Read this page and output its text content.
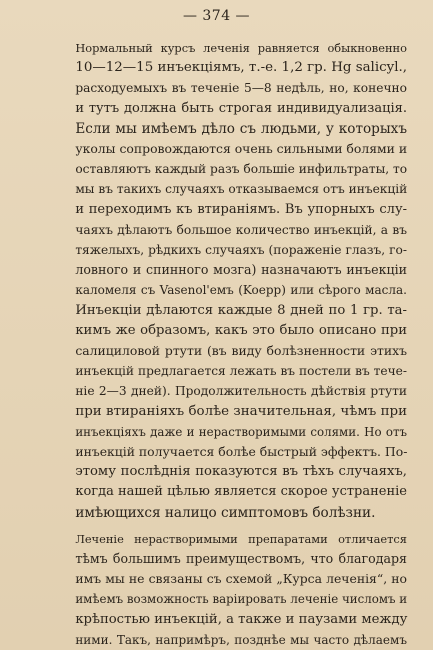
— 374 —

Нормальный курсъ леченія равняется обыкновенно
10—12—15 инъекціямъ, т.-е. 1,2 гр. Hg salicyl.,
расходуемыхъ въ теченіе 5—8 недѣль, но, конечно
и тутъ должна быть строгая индивидуализація.
Если мы имѣемъ дѣло съ людьми, у которыхъ
уколы сопровождаются очень сильными болями и
оставляютъ каждый разъ большіе инфильтраты, то
мы въ такихъ случаяхъ отказываемся отъ инъекцій
и переходимъ къ втираніямъ. Въ упорныхъ слу-
чаяхъ дѣлаютъ большое количество инъекцій, а въ
тяжелыхъ, рѣдкихъ случаяхъ (пораженіе глазъ, го-
ловного и спинного мозга) назначаютъ инъекціи
каломеля съ Vasenol'емъ (Koepp) или сѣрого масла.
Инъекціи дѣлаются каждые 8 дней по 1 гр. та-
кимъ же образомъ, какъ это было описано при
салициловой ртути (въ виду болѣзненности этихъ
инъекцій предлагается лежать въ постели въ тече-
ніе 2—3 дней). Продолжительность дѣйствія ртути
при втираніяхъ болѣе значительная, чѣмъ при
инъекціяхъ даже и нерастворимыми солями. Но отъ
инъекцій получается болѣе быстрый эффектъ. По-
этому послѣднія показуются въ тѣхъ случаяхъ,
когда нашей цѣлью является скорое устраненіе
имѣющихся налицо симптомовъ болѣзни.

Леченіе нерастворимыми препаратами отличается
тѣмъ большимъ преимуществомъ, что благодаря
имъ мы не связаны съ схемой „Курса леченія“, но
имѣемъ возможность варіировать леченіе числомъ и
крѣпостью инъекцій, а также и паузами между
ними. Такъ, напримѣръ, позднѣе мы часто дѣлаемъ
